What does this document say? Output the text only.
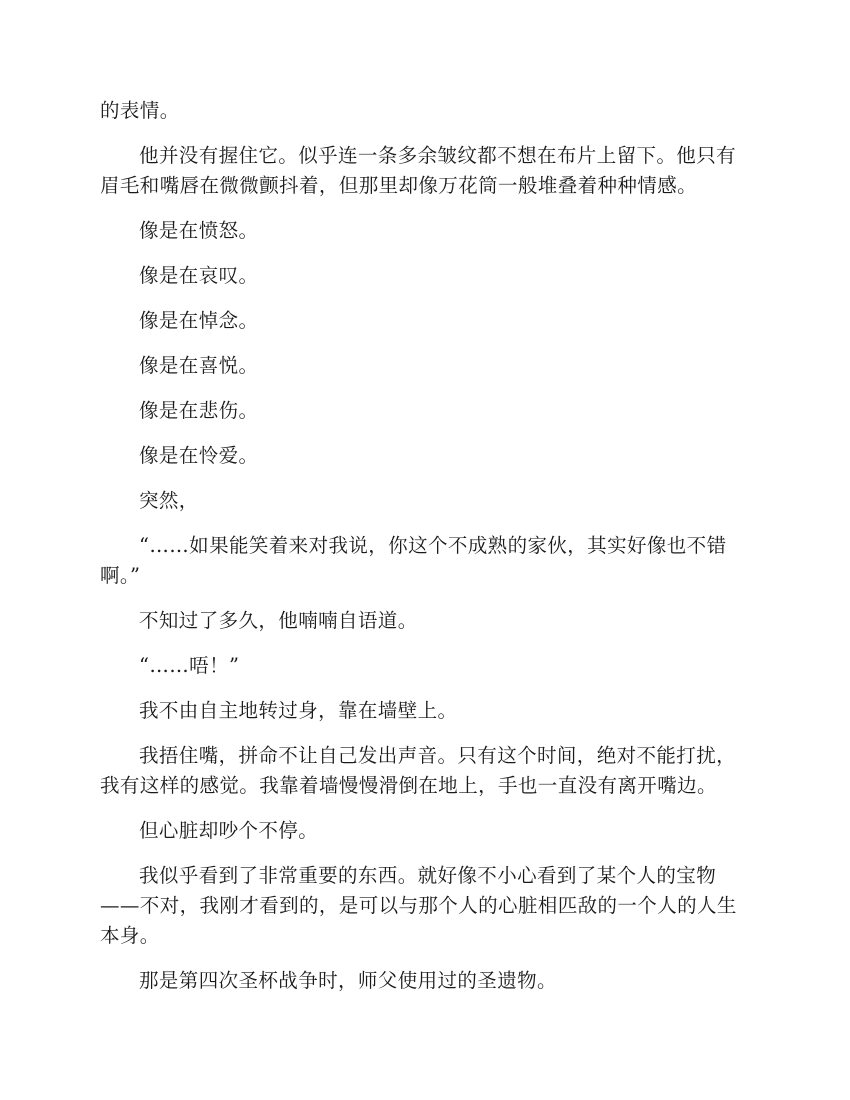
的表情。

他并没有握住它。似乎连一条多余皱纹都不想在布片上留下。他只有眉毛和嘴唇在微微颤抖着，但那里却像万花筒一般堆叠着种种情感。

像是在愤怒。

像是在哀叹。

像是在悼念。

像是在喜悦。

像是在悲伤。

像是在怜爱。

突然，

“……如果能笑着来对我说，你这个不成熟的家伙，其实好像也不错啊。”

不知过了多久，他喃喃自语道。

“……唔！”

我不由自主地转过身，靠在墙壁上。

我捂住嘴，拼命不让自己发出声音。只有这个时间，绝对不能打扰，我有这样的感觉。我靠着墙慢慢滑倒在地上，手也一直没有离开嘴边。

但心脏却吵个不停。

我似乎看到了非常重要的东西。就好像不小心看到了某个人的宝物——不对，我刚才看到的，是可以与那个人的心脏相匹敌的一个人的人生本身。

那是第四次圣杯战争时，师父使用过的圣遗物。
